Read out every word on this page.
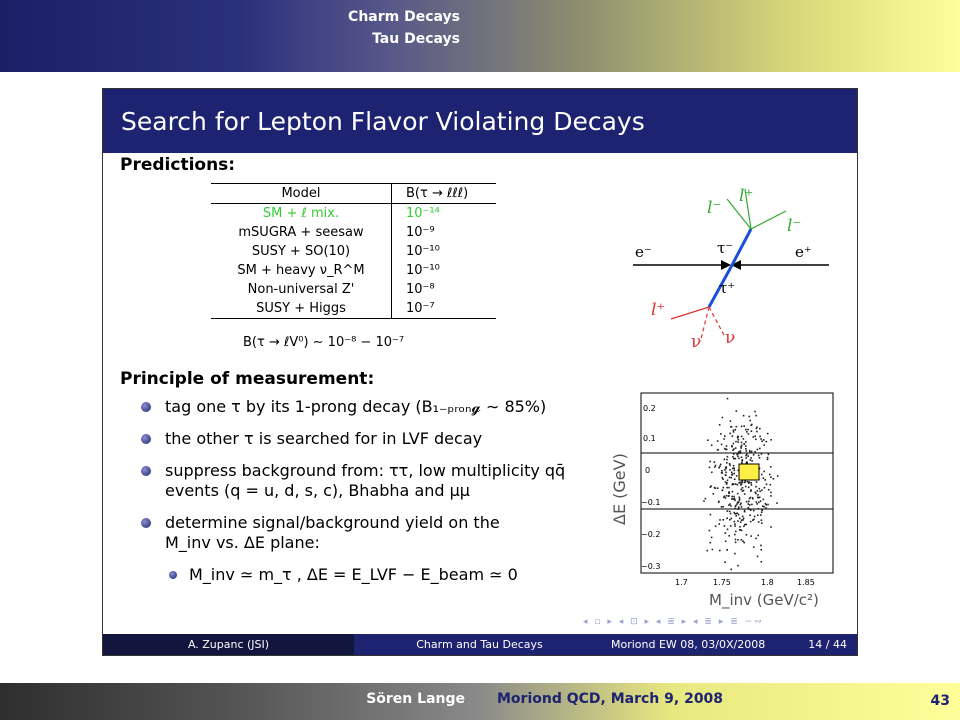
Charm Decays
Tau Decays
Search for Lepton Flavor Violating Decays
Predictions:
Model	B(τ → ℓℓℓ)
SM + ℓ mix.	10⁻¹⁴
mSUGRA + seesaw	10⁻⁹
SUSY + SO(10)	10⁻¹⁰
SM + heavy ν_R^M	10⁻¹⁰
Non-universal Z'	10⁻⁸
SUSY + Higgs	10⁻⁷
B(τ → ℓV⁰) ∼ 10⁻⁸ − 10⁻⁷
l⁻
l⁺
l⁻
e⁻	τ⁻	e⁺
τ⁺
l⁺
ν ν
Principle of measurement:
tag one τ by its 1-prong decay (B₁₋ₚᵣₒₙ𝓰 ∼ 85%)
the other τ is searched for in LVF decay
suppress background from: ττ, low multiplicity qq̄ events (q = u, d, s, c), Bhabha and μμ
determine signal/background yield on the M_inv vs. ΔE plane:
M_inv ≃ m_τ , ΔE = E_LVF − E_beam ≃ 0
0.2
0.1
0
−0.1
−0.2
−0.3
1.7	1.75	1.8	1.85
ΔE (GeV)
M_inv (GeV/c²)
◂ ▫ ▸ ◂ ⊡ ▸ ◂ ≣ ▸ ◂ ≣ ▸ ≣ ∽∾
A. Zupanc (JSI)	Charm and Tau Decays	Moriond EW 08, 03/0X/2008	14 / 44
Sören Lange Moriond QCD, March 9, 2008	43
